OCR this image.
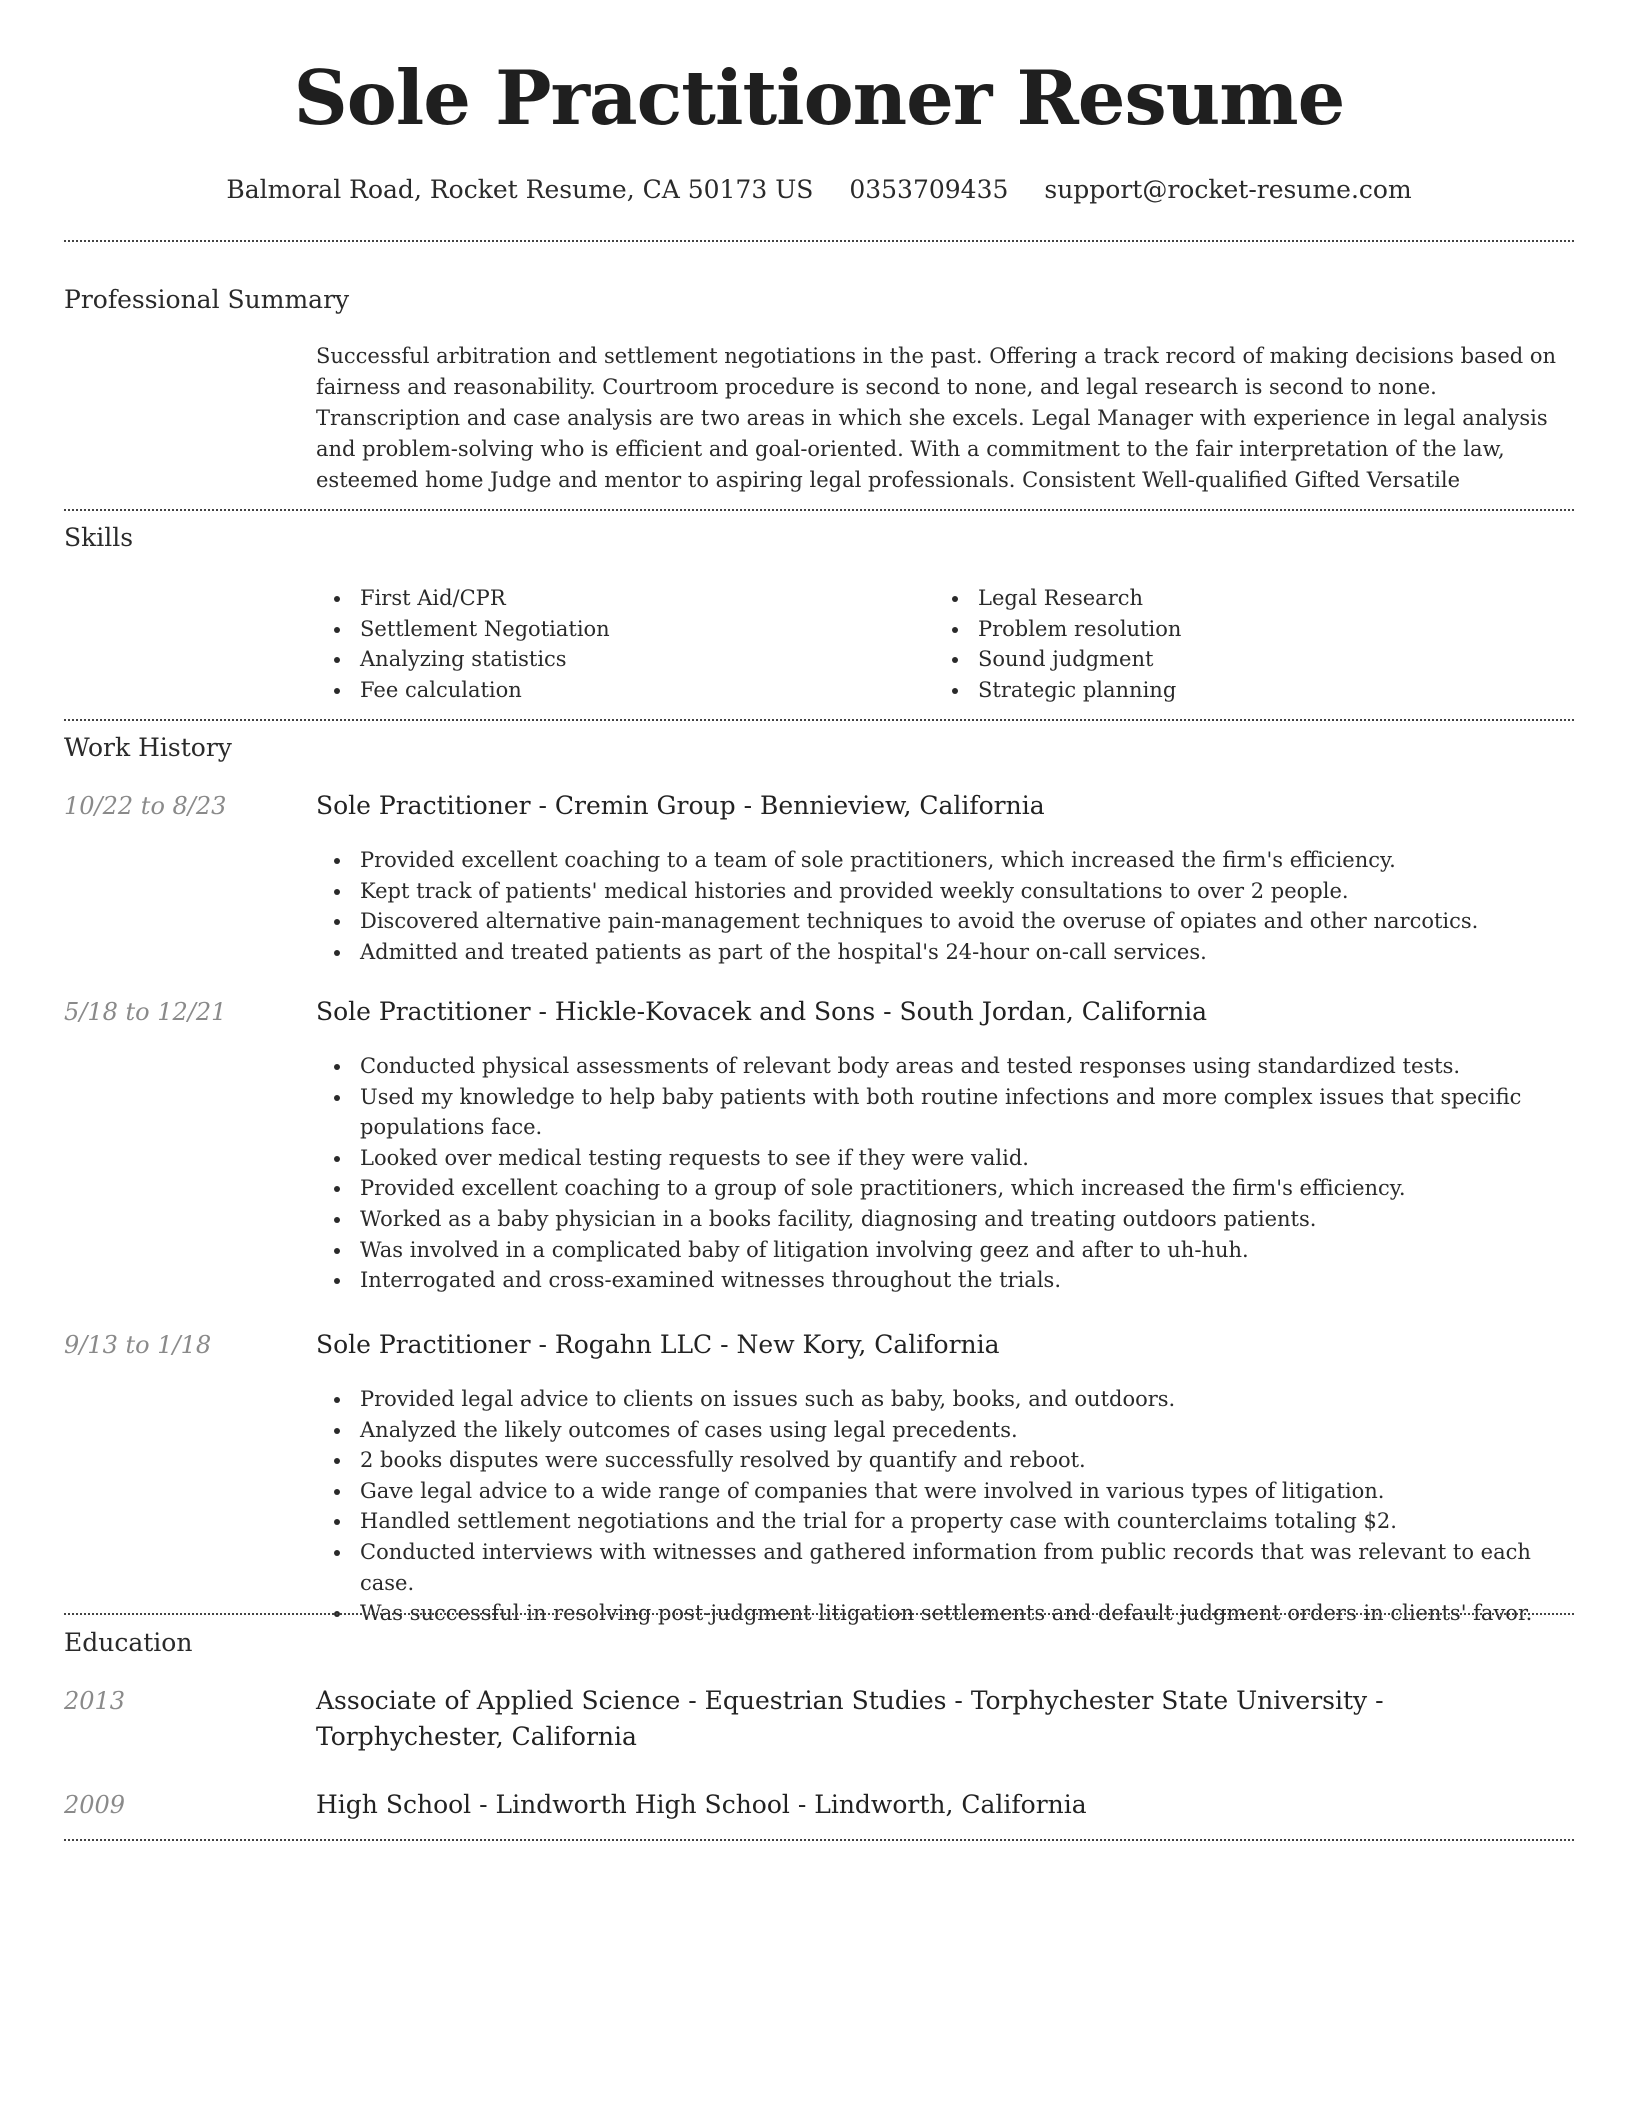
Sole Practitioner Resume
Balmoral Road, Rocket Resume, CA 50173 US 0353709435 support@rocket-resume.com
Professional Summary

Successful arbitration and settlement negotiations in the past. Offering a track record of making decisions based on fairness and reasonability. Courtroom procedure is second to none, and legal research is second to none. Transcription and case analysis are two areas in which she excels. Legal Manager with experience in legal analysis and problem-solving who is efficient and goal-oriented. With a commitment to the fair interpretation of the law, esteemed home Judge and mentor to aspiring legal professionals. Consistent Well-qualified Gifted Versatile

Skills
First Aid/CPR
Settlement Negotiation
Analyzing statistics
Fee calculation
Legal Research
Problem resolution
Sound judgment
Strategic planning
Work History
10/22 to 8/23	Sole Practitioner - Cremin Group - Bennieview, California
Provided excellent coaching to a team of sole practitioners, which increased the firm's efficiency.
Kept track of patients' medical histories and provided weekly consultations to over 2 people.
Discovered alternative pain-management techniques to avoid the overuse of opiates and other narcotics.
Admitted and treated patients as part of the hospital's 24-hour on-call services.
5/18 to 12/21	Sole Practitioner - Hickle-Kovacek and Sons - South Jordan, California
Conducted physical assessments of relevant body areas and tested responses using standardized tests.
Used my knowledge to help baby patients with both routine infections and more complex issues that specific populations face.
Looked over medical testing requests to see if they were valid.
Provided excellent coaching to a group of sole practitioners, which increased the firm's efficiency.
Worked as a baby physician in a books facility, diagnosing and treating outdoors patients.
Was involved in a complicated baby of litigation involving geez and after to uh-huh.
Interrogated and cross-examined witnesses throughout the trials.
9/13 to 1/18	Sole Practitioner - Rogahn LLC - New Kory, California
Provided legal advice to clients on issues such as baby, books, and outdoors.
Analyzed the likely outcomes of cases using legal precedents.
2 books disputes were successfully resolved by quantify and reboot.
Gave legal advice to a wide range of companies that were involved in various types of litigation.
Handled settlement negotiations and the trial for a property case with counterclaims totaling $2.
Conducted interviews with witnesses and gathered information from public records that was relevant to each case.
Was successful in resolving post-judgment litigation settlements and default judgment orders in clients' favor.
Education
2013	Associate of Applied Science - Equestrian Studies - Torphychester State University - Torphychester, California
2009	High School - Lindworth High School - Lindworth, California
